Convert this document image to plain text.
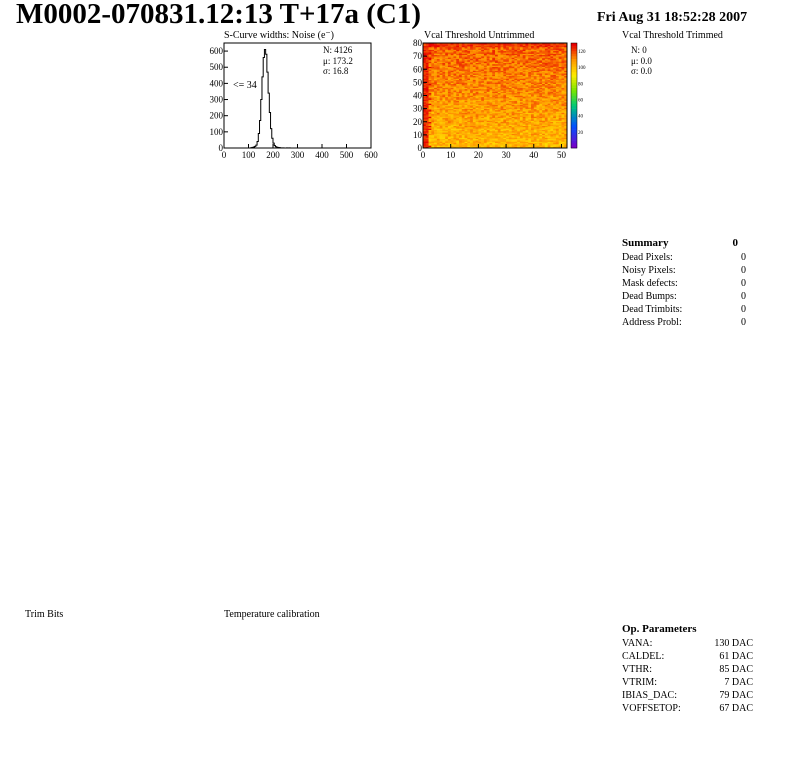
M0002-070831.12:13 T+17a (C1)	Fri Aug 31 18:52:28 2007
S-Curve widths: Noise (e⁻)
0 100 200 300 400 500 600
0
100
200
300
400
500
600	N: 4126
μ: 173.2
σ: 16.8
<= 34
Vcal Threshold Untrimmed
0 10 20 30 40 50
0
10
20
30
40
50
60
70
80
20
40
60
80
100
120
Vcal Threshold Trimmed
N: 0
μ: 0.0
σ: 0.0
Summary	0
Dead Pixels:	0
Noisy Pixels:	0
Mask defects:	0
Dead Bumps:	0
Dead Trimbits:	0
Address Probl:	0
Trim Bits	Temperature calibration
Op. Parameters
VANA:	130 DAC
CALDEL:	61 DAC
VTHR:	85 DAC
VTRIM:	7 DAC
IBIAS_DAC:	79 DAC
VOFFSETOP:	67 DAC
